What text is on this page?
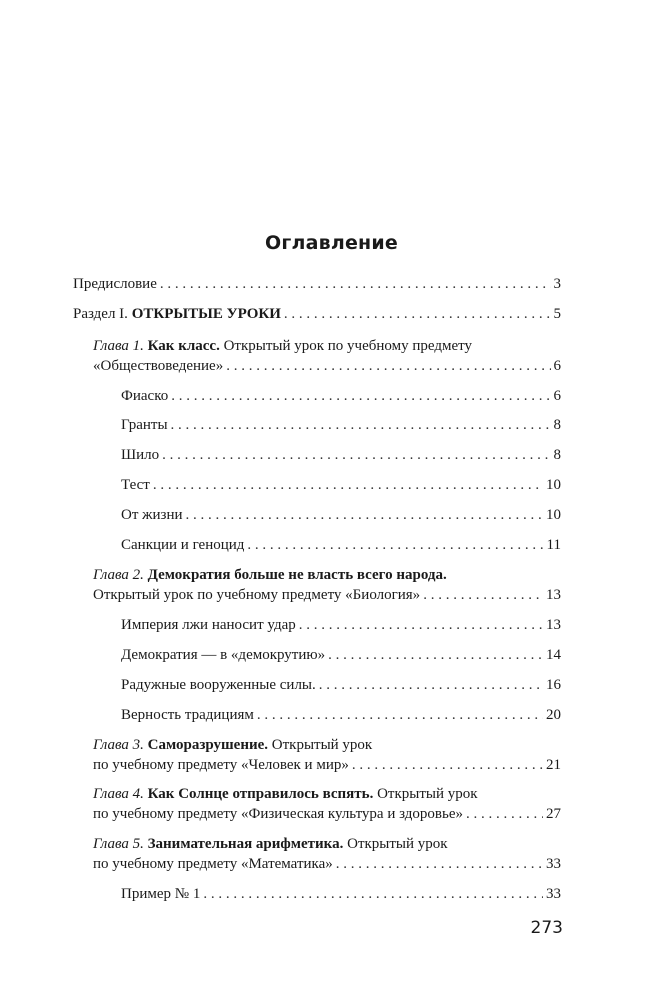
Оглавление
Предисловие . . .	3
Раздел I. ОТКРЫТЫЕ УРОКИ . . .	5
Глава 1. Как класс. Открытый урок по учебному предмету
«Обществоведение» . . .	6
Фиаско . . .	6
Гранты . . .	8
Шило . . .	8
Тест . . .	10
От жизни . . .	10
Санкции и геноцид . . .	11
Глава 2. Демократия больше не власть всего народа.
Открытый урок по учебному предмету «Биология» . . .	13
Империя лжи наносит удар . . .	13
Демократия — в «демокрутию» . . .	14
Радужные вооруженные силы. . . .	16
Верность традициям . . .	20
Глава 3. Саморазрушение. Открытый урок
по учебному предмету «Человек и мир» . . .	21
Глава 4. Как Солнце отправилось вспять. Открытый урок
по учебному предмету «Физическая культура и здоровье» . . .	27
Глава 5. Занимательная арифметика. Открытый урок
по учебному предмету «Математика» . . .	33
Пример № 1 . . .	33
273
